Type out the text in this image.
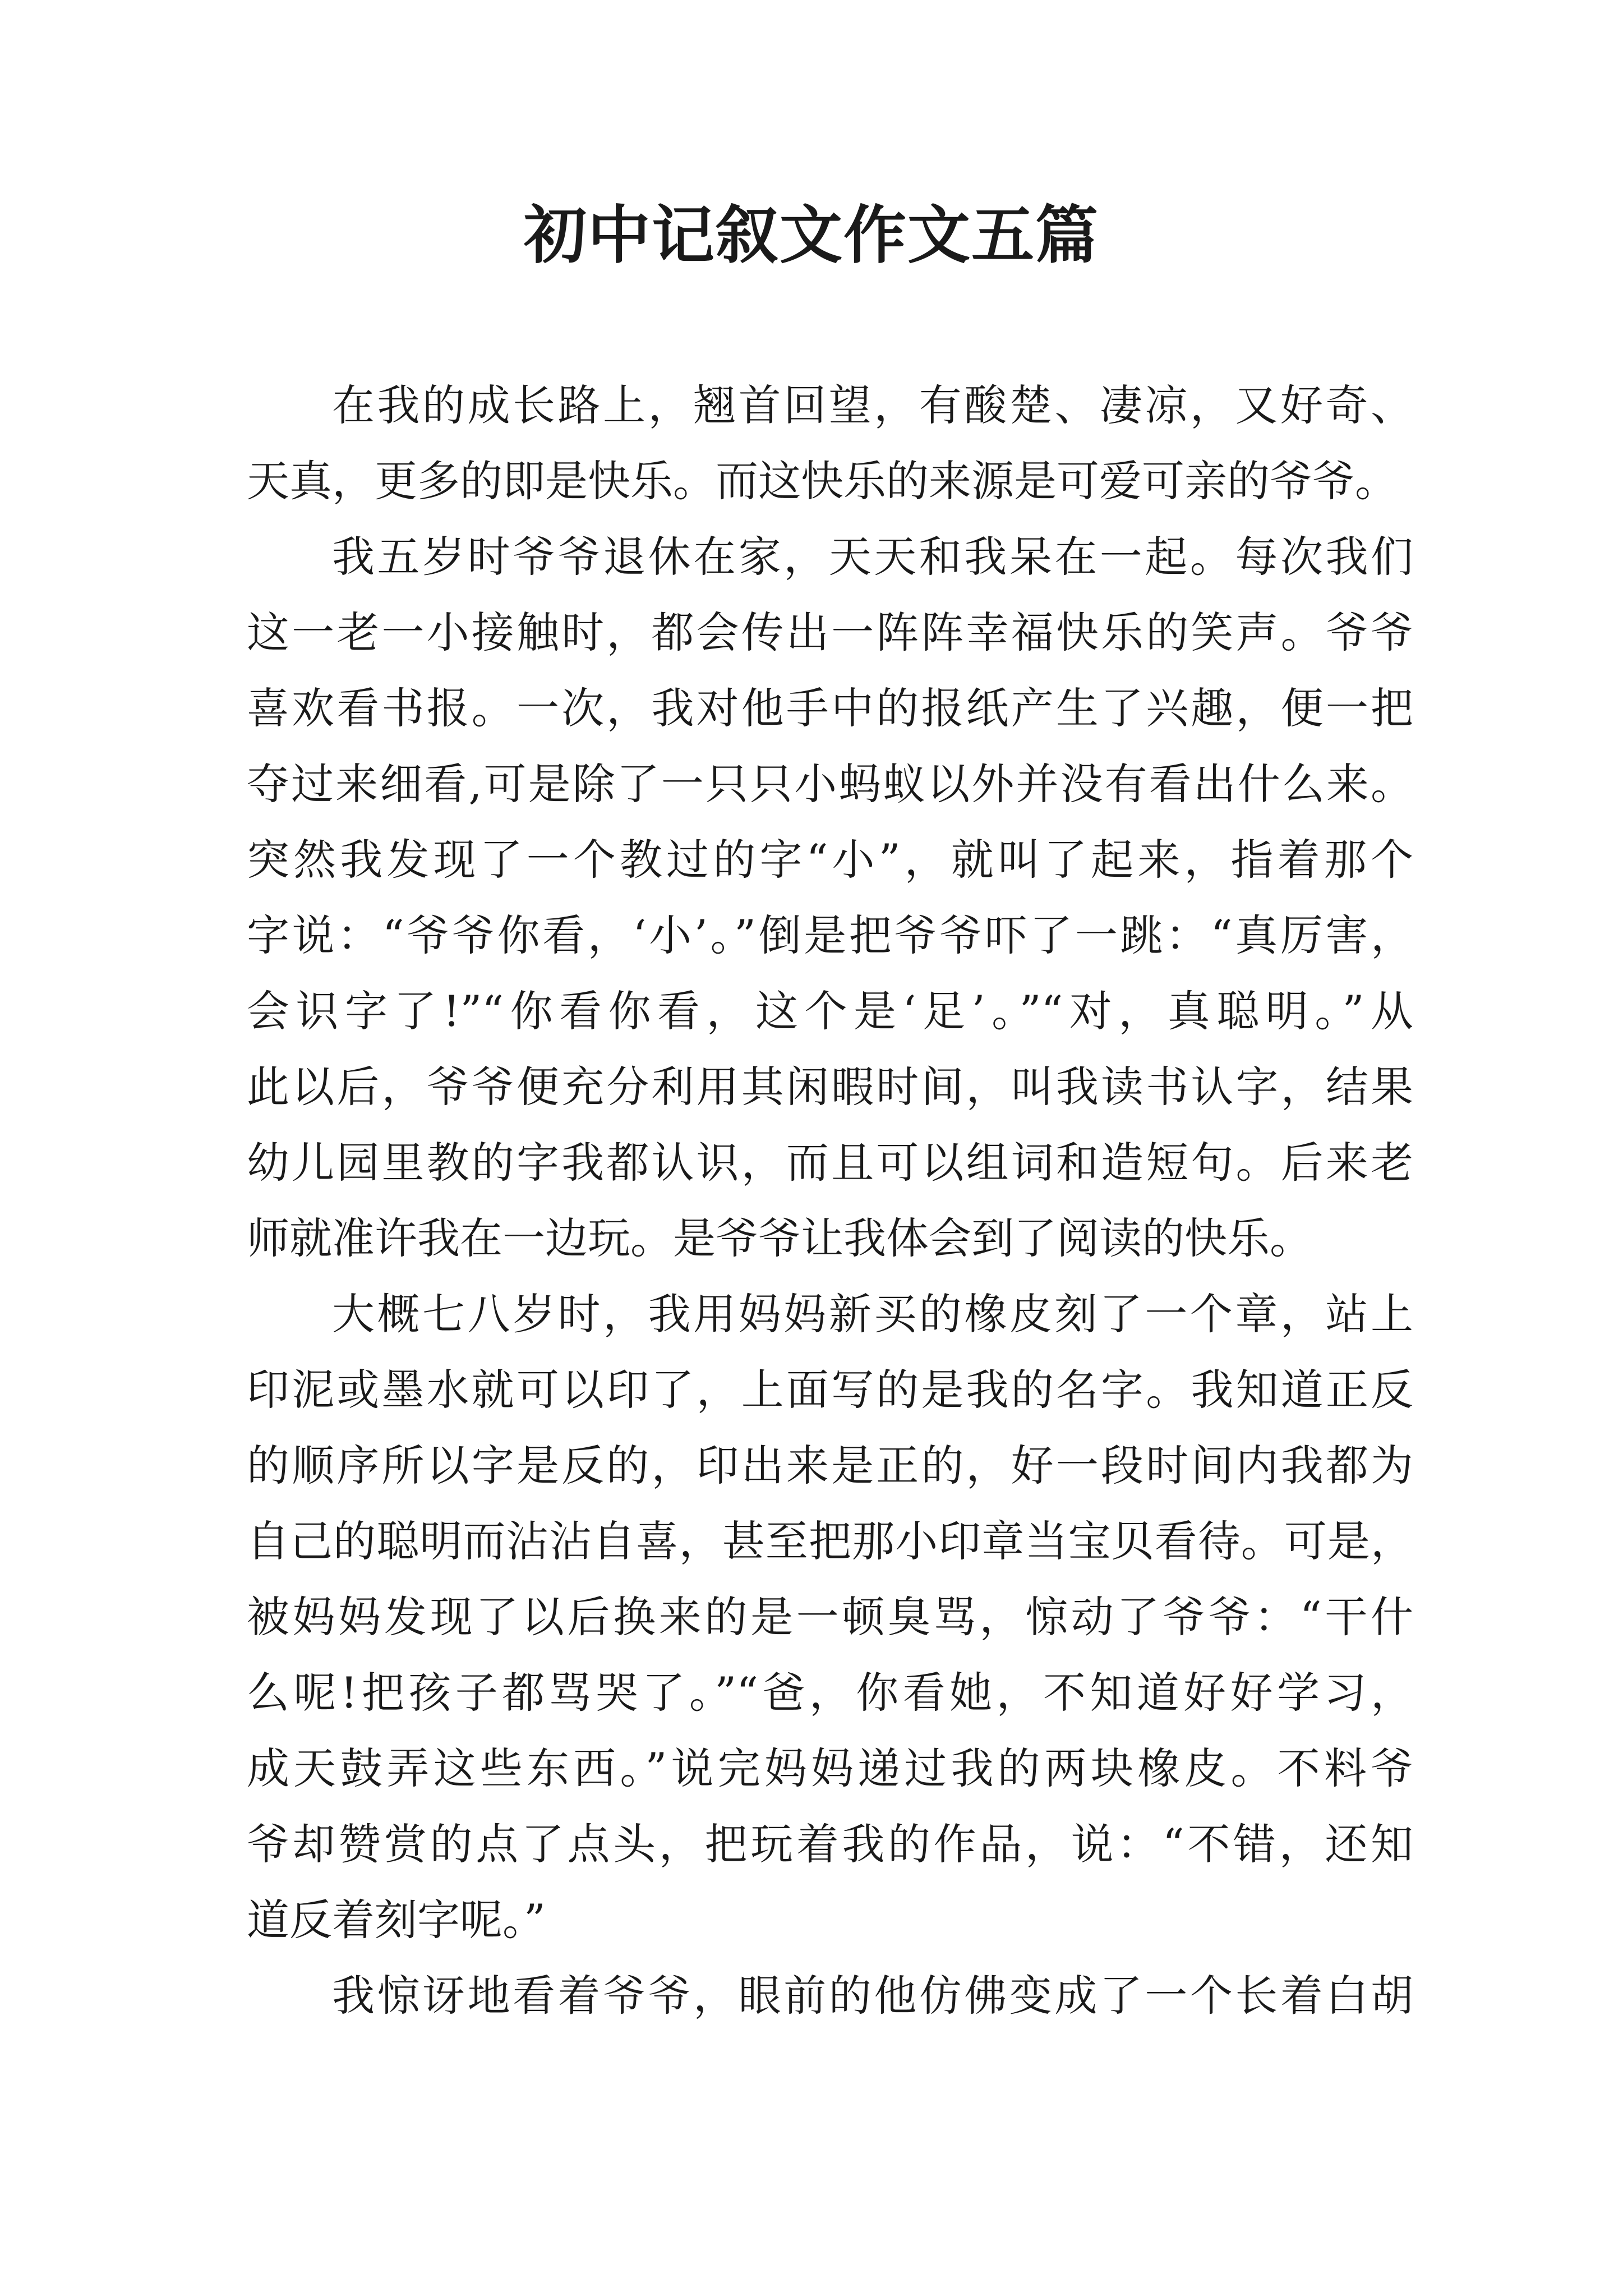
初中记叙文作文五篇
在我的成长路上，翘首回望，有酸楚、凄凉，又好奇、
天真，更多的即是快乐。而这快乐的来源是可爱可亲的爷爷。
我五岁时爷爷退休在家，天天和我呆在一起。每次我们
这一老一小接触时，都会传出一阵阵幸福快乐的笑声。爷爷
喜欢看书报。一次，我对他手中的报纸产生了兴趣，便一把
夺过来细看,可是除了一只只小蚂蚁以外并没有看出什么来。
突然我发现了一个教过的字“小”，就叫了起来，指着那个
字说：“爷爷你看，‘小’。”倒是把爷爷吓了一跳：“真厉害，
会识字了!”“你看你看，这个是‘足’。”“对，真聪明。”从
此以后，爷爷便充分利用其闲暇时间，叫我读书认字，结果
幼儿园里教的字我都认识，而且可以组词和造短句。后来老
师就准许我在一边玩。是爷爷让我体会到了阅读的快乐。
大概七八岁时，我用妈妈新买的橡皮刻了一个章，站上
印泥或墨水就可以印了，上面写的是我的名字。我知道正反
的顺序所以字是反的，印出来是正的，好一段时间内我都为
自己的聪明而沾沾自喜，甚至把那小印章当宝贝看待。可是，
被妈妈发现了以后换来的是一顿臭骂，惊动了爷爷：“干什
么呢!把孩子都骂哭了。”“爸，你看她，不知道好好学习，
成天鼓弄这些东西。”说完妈妈递过我的两块橡皮。不料爷
爷却赞赏的点了点头，把玩着我的作品，说：“不错，还知
道反着刻字呢。”
我惊讶地看着爷爷，眼前的他仿佛变成了一个长着白胡
